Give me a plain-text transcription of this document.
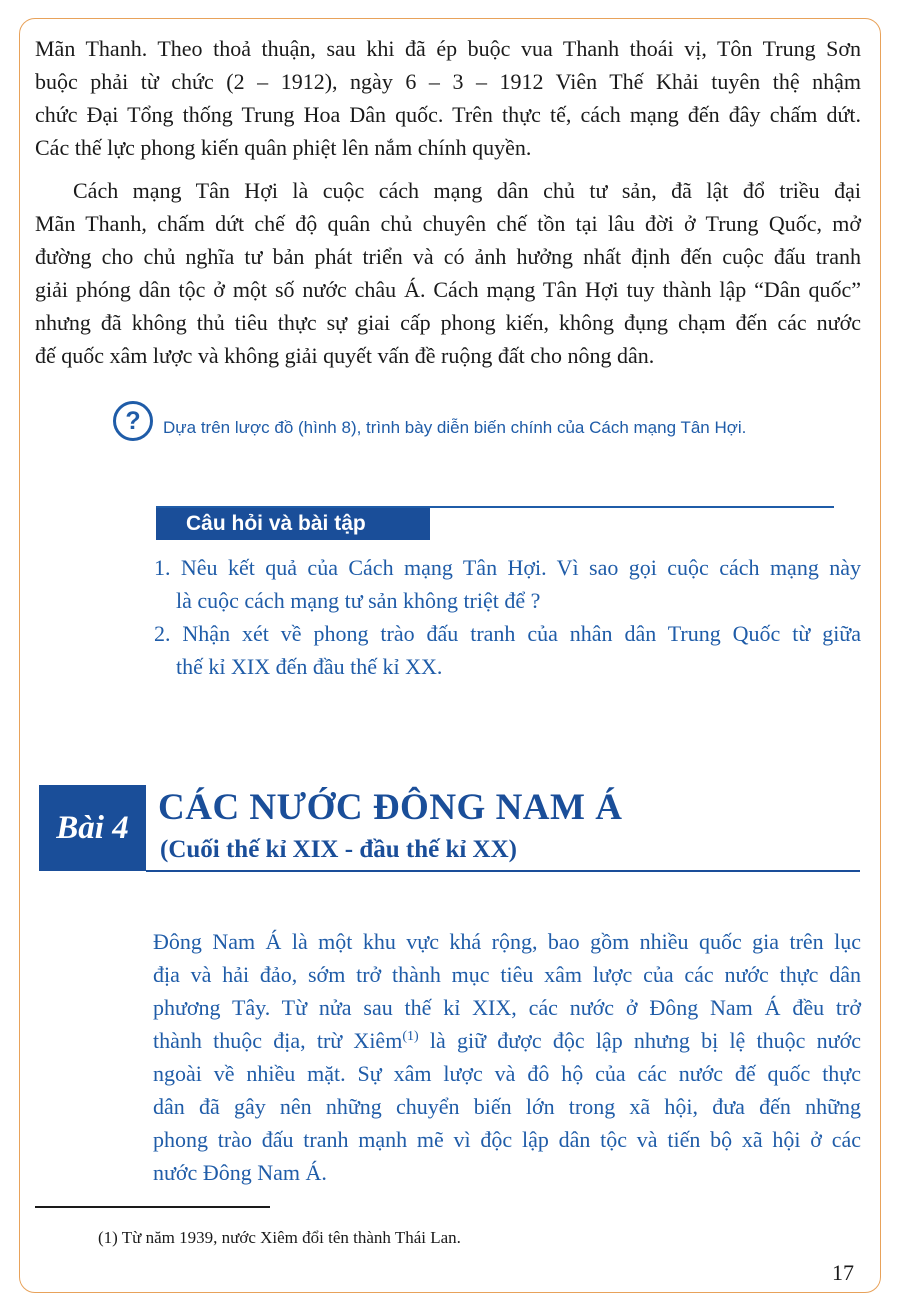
Mãn Thanh. Theo thoả thuận, sau khi đã ép buộc vua Thanh thoái vị, Tôn Trung Sơn
buộc phải từ chức (2 – 1912), ngày 6 – 3 – 1912 Viên Thế Khải tuyên thệ nhậm
chức Đại Tổng thống Trung Hoa Dân quốc. Trên thực tế, cách mạng đến đây chấm dứt.
Các thế lực phong kiến quân phiệt lên nắm chính quyền.
Cách mạng Tân Hợi là cuộc cách mạng dân chủ tư sản, đã lật đổ triều đại
Mãn Thanh, chấm dứt chế độ quân chủ chuyên chế tồn tại lâu đời ở Trung Quốc, mở
đường cho chủ nghĩa tư bản phát triển và có ảnh hưởng nhất định đến cuộc đấu tranh
giải phóng dân tộc ở một số nước châu Á. Cách mạng Tân Hợi tuy thành lập “Dân quốc”
nhưng đã không thủ tiêu thực sự giai cấp phong kiến, không đụng chạm đến các nước
đế quốc xâm lược và không giải quyết vấn đề ruộng đất cho nông dân.
?	Dựa trên lược đồ (hình 8), trình bày diễn biến chính của Cách mạng Tân Hợi.
Câu hỏi và bài tập
1. Nêu kết quả của Cách mạng Tân Hợi. Vì sao gọi cuộc cách mạng này
là cuộc cách mạng tư sản không triệt để ?
2. Nhận xét về phong trào đấu tranh của nhân dân Trung Quốc từ giữa
thế kỉ XIX đến đầu thế kỉ XX.
Bài 4 CÁC NƯỚC ĐÔNG NAM Á
(Cuối thế kỉ XIX - đầu thế kỉ XX)
Đông Nam Á là một khu vực khá rộng, bao gồm nhiều quốc gia trên lục
địa và hải đảo, sớm trở thành mục tiêu xâm lược của các nước thực dân
phương Tây. Từ nửa sau thế kỉ XIX, các nước ở Đông Nam Á đều trở
thành thuộc địa, trừ Xiêm$^{(1)}$ là giữ được độc lập nhưng bị lệ thuộc nước
ngoài về nhiều mặt. Sự xâm lược và đô hộ của các nước đế quốc thực
dân đã gây nên những chuyển biến lớn trong xã hội, đưa đến những
phong trào đấu tranh mạnh mẽ vì độc lập dân tộc và tiến bộ xã hội ở các
nước Đông Nam Á.
(1) Từ năm 1939, nước Xiêm đổi tên thành Thái Lan.
17
